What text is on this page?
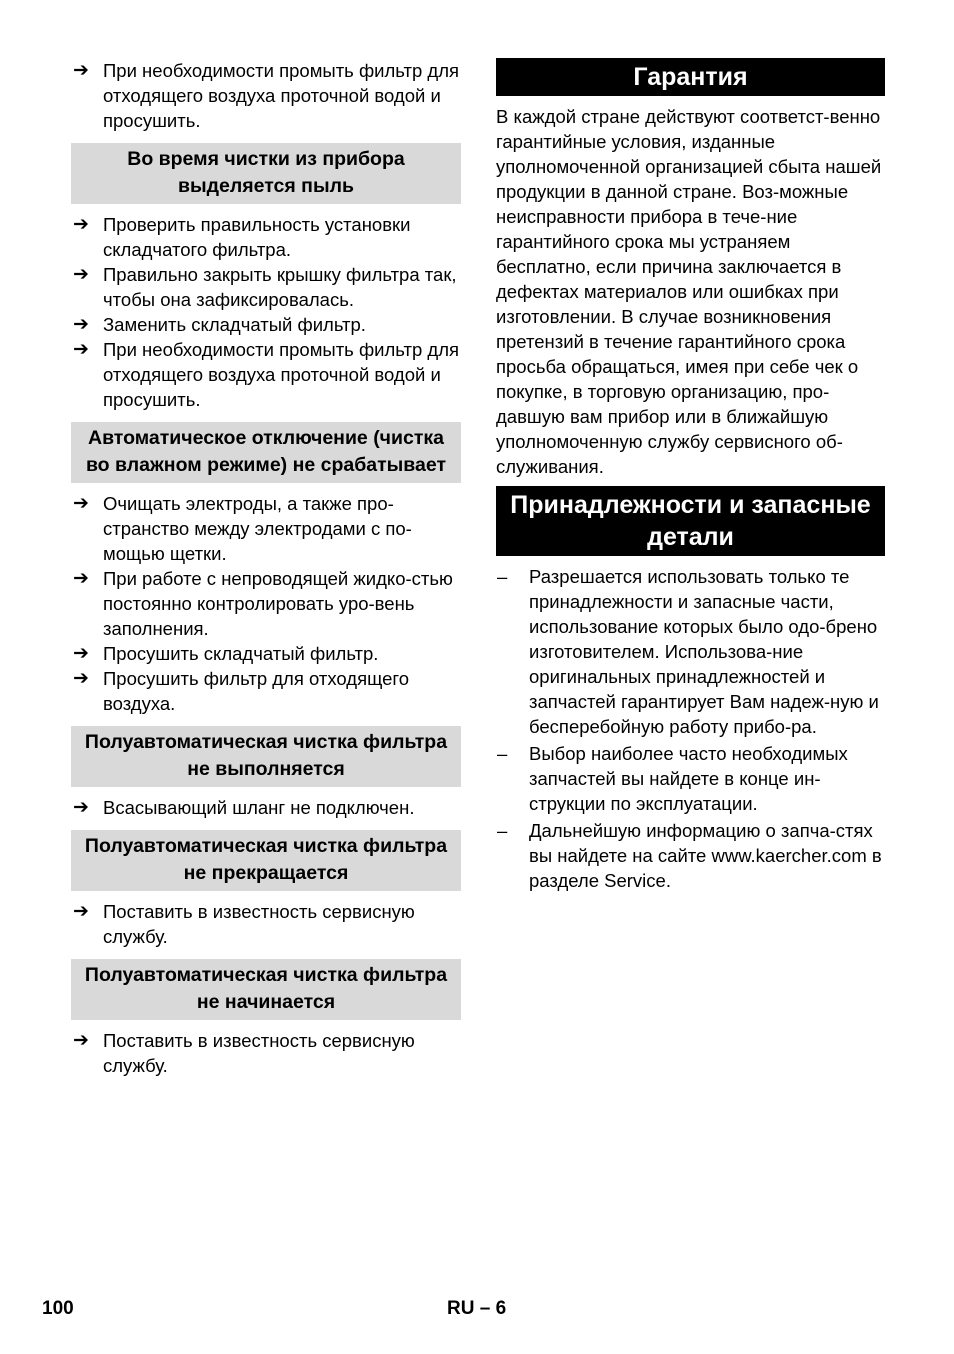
➔ При необходимости промыть фильтр для отходящего воздуха проточной водой и просушить.
Во время чистки из прибора выделяется пыль
➔ Проверить правильность установки складчатого фильтра.
➔ Правильно закрыть крышку фильтра так, чтобы она зафиксировалась.
➔ Заменить складчатый фильтр.
➔ При необходимости промыть фильтр для отходящего воздуха проточной водой и просушить.
Автоматическое отключение (чистка во влажном режиме) не срабатывает
➔ Очищать электроды, а также про-странство между электродами с по-мощью щетки.
➔ При работе с непроводящей жидко-стью постоянно контролировать уро-вень заполнения.
➔ Просушить складчатый фильтр.
➔ Просушить фильтр для отходящего воздуха.
Полуавтоматическая чистка фильтра не выполняется
➔ Всасывающий шланг не подключен.
Полуавтоматическая чистка фильтра не прекращается
➔ Поставить в известность сервисную службу.
Полуавтоматическая чистка фильтра не начинается
➔ Поставить в известность сервисную службу.
Гарантия
В каждой стране действуют соответст-венно гарантийные условия, изданные уполномоченной организацией сбыта нашей продукции в данной стране. Воз-можные неисправности прибора в тече-ние гарантийного срока мы устраняем бесплатно, если причина заключается в дефектах материалов или ошибках при изготовлении. В случае возникновения претензий в течение гарантийного срока просьба обращаться, имея при себе чек о покупке, в торговую организацию, про-давшую вам прибор или в ближайшую уполномоченную службу сервисного об-служивания.
Принадлежности и запасные детали
–	Разрешается использовать только те принадлежности и запасные части, использование которых было одо-брено изготовителем. Использова-ние оригинальных принадлежностей и запчастей гарантирует Вам надеж-ную и бесперебойную работу прибо-ра.
–	Выбор наиболее часто необходимых запчастей вы найдете в конце ин-струкции по эксплуатации.
–	Дальнейшую информацию о запча-стях вы найдете на сайте www.kaercher.com в разделе Service.
100	RU – 6
